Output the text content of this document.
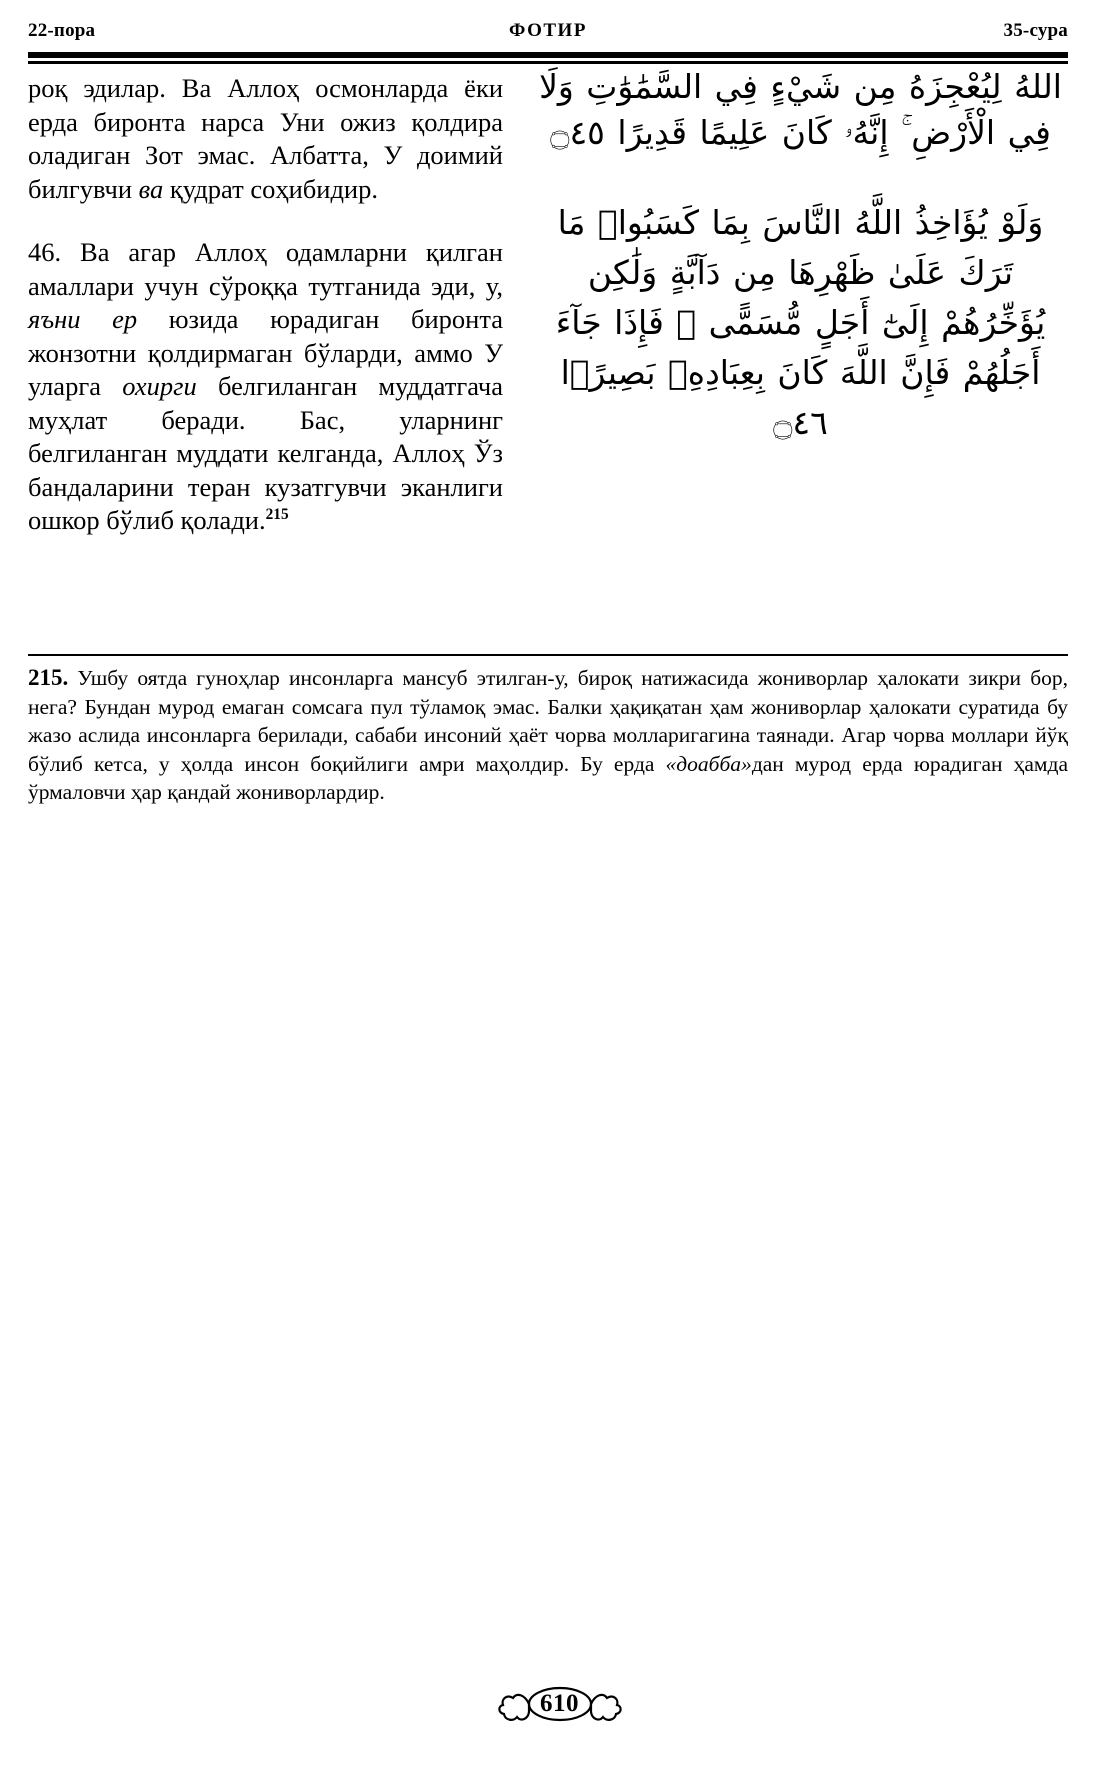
22-пора	ФОТИР	35-сура

роқ эдилар. Ва Аллоҳ осмонларда ёки ерда биронта нарса Уни ожиз қолдира оладиган Зот эмас. Албатта, У доимий билгувчи ва қудрат соҳибидир.

46. Ва агар Аллоҳ одамларни қилган амаллари учун сўроққа тутганида эди, у, яъни ер юзида юрадиган биронта жонзотни қолдирмаган бўларди, аммо У уларга охирги белгиланган муддатгача муҳлат беради. Бас, уларнинг белгиланган муддати келганда, Аллоҳ Ўз бандаларини теран кузатгувчи эканлиги ошкор бўлиб қолади.$^{215}$

اللهُ لِيُعْجِزَهُ مِن شَيْءٍ فِي السَّمَٰوَٰتِ وَلَا فِي الْأَرْضِ ۚ إِنَّهُۥ كَانَ عَلِيمًا قَدِيرًا ۝٤٥
وَلَوْ يُؤَاخِذُ اللَّهُ النَّاسَ بِمَا كَسَبُوا۟ مَا تَرَكَ عَلَىٰ ظَهْرِهَا مِن دَآبَّةٍ وَلَٰكِن يُؤَخِّرُهُمْ إِلَىٰٓ أَجَلٍ مُّسَمًّى ۖ فَإِذَا جَآءَ أَجَلُهُمْ فَإِنَّ اللَّهَ كَانَ بِعِبَادِهِۦ بَصِيرًۢا ۝٤٦
215. Ушбу оятда гуноҳлар инсонларга мансуб этилган-у, бироқ натижасида жониворлар ҳалокати зикри бор, нега? Бундан мурод емаган сомсага пул тўламоқ эмас. Балки ҳақиқатан ҳам жониворлар ҳалокати суратида бу жазо аслида инсонларга берилади, сабаби инсоний ҳаёт чорва молларигагина таянади. Агар чорва моллари йўқ бўлиб кетса, у ҳолда инсон боқийлиги амри маҳолдир. Бу ерда «доабба»дан мурод ерда юрадиган ҳамда ўрмаловчи ҳар қандай жониворлардир.
610
